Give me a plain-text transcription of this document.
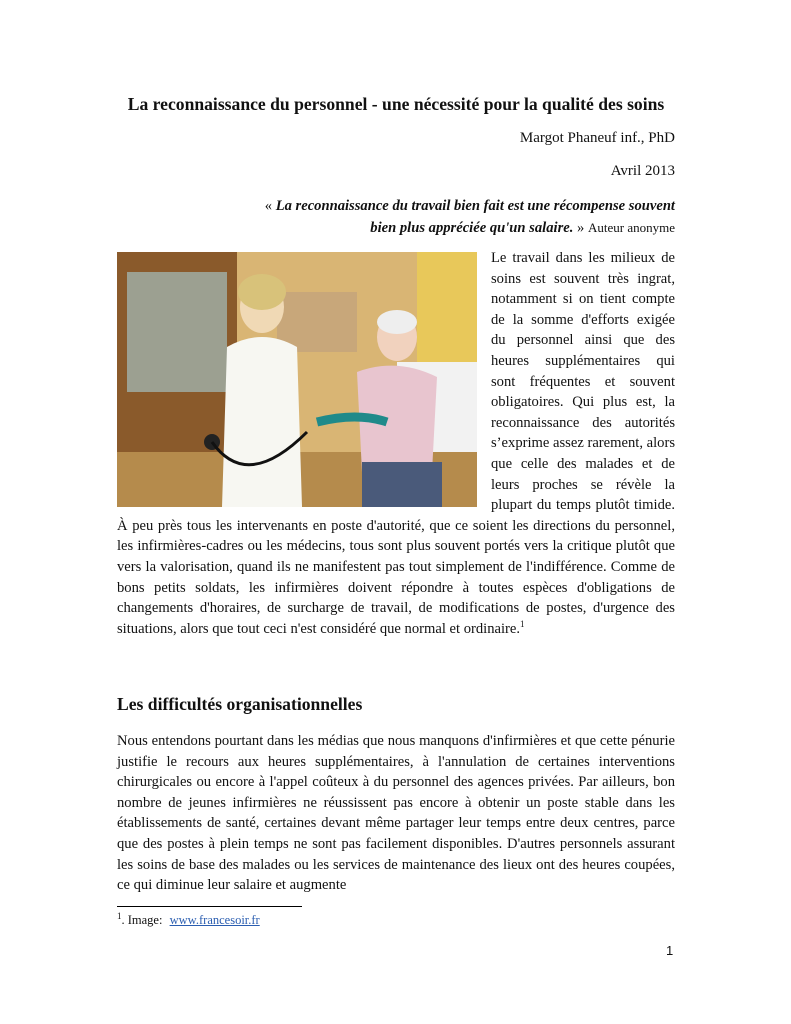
La reconnaissance du personnel - une nécessité pour la qualité des soins
Margot Phaneuf inf., PhD
Avril 2013
« La reconnaissance du travail bien fait est une récompense souvent bien plus appréciée qu'un salaire. » Auteur anonyme

Le travail dans les milieux de soins est souvent très ingrat, notamment si on tient compte de la somme d'efforts exigée du personnel ainsi que des heures supplémentaires qui sont fréquentes et souvent obligatoires. Qui plus est, la reconnaissance des autorités s’exprime assez rarement, alors que celle des malades et de leurs proches se révèle la plupart du temps plutôt timide. À peu près tous les intervenants en poste d'autorité, que ce soient les directions du personnel, les infirmières-cadres ou les médecins, tous sont plus souvent portés vers la critique plutôt que vers la valorisation, quand ils ne manifestent pas tout simplement de l'indifférence. Comme de bons petits soldats, les infirmières doivent répondre à toutes espèces d'obligations de changements d'horaires, de surcharge de travail, de modifications de postes, d'urgence des situations, alors que tout ceci n'est considéré que normal et ordinaire.$^1$

Les difficultés organisationnelles

Nous entendons pourtant dans les médias que nous manquons d'infirmières et que cette pénurie justifie le recours aux heures supplémentaires, à l'annulation de certaines interventions chirurgicales ou encore à l'appel coûteux à du personnel des agences privées. Par ailleurs, bon nombre de jeunes infirmières ne réussissent pas encore à obtenir un poste stable dans les établissements de santé, certaines devant même partager leur temps entre deux centres, parce que des postes à plein temps ne sont pas facilement disponibles. D'autres personnels assurant les soins de base des malades ou les services de maintenance des lieux ont des heures coupées, ce qui diminue leur salaire et augmente

$^1$. Image: www.francesoir.fr
1
